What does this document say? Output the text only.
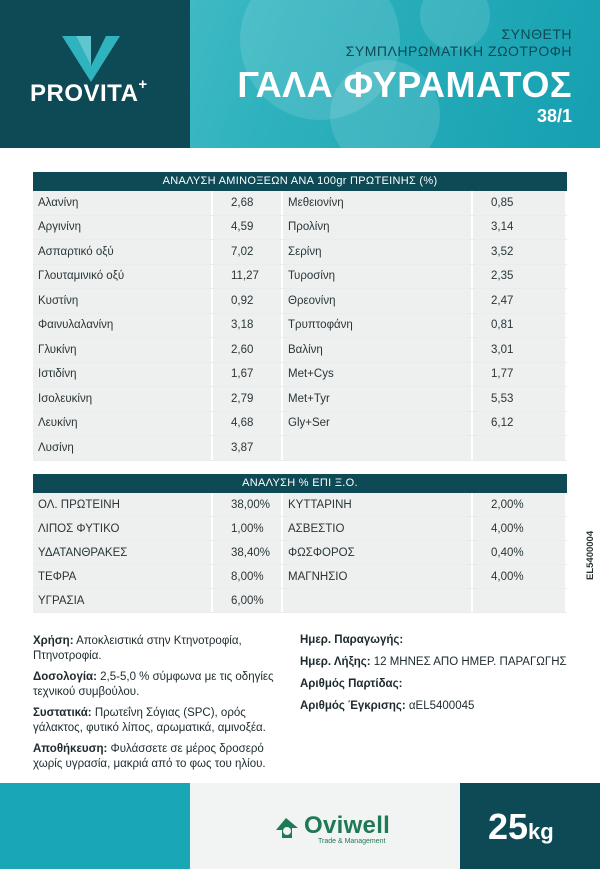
PROVITA+
ΣΥΝΘΕΤΗ
ΣΥΜΠΛΗΡΩΜΑΤΙΚΗ ΖΩΟΤΡΟΦΗ
ΓΑΛΑ ΦΥΡΑΜΑΤΟΣ
38/1
ΑΝΑΛΥΣΗ ΑΜΙΝΟΞΕΩΝ ΑΝΑ 100gr ΠΡΩΤΕΙΝΗΣ (%)
Αλανίνη	2,68	Μεθειονίνη	0,85
Αργινίνη	4,59	Προλίνη	3,14
Ασπαρτικό οξύ	7,02	Σερίνη	3,52
Γλουταμινικό οξύ	11,27	Τυροσίνη	2,35
Κυστίνη	0,92	Θρεονίνη	2,47
Φαινυλαλανίνη	3,18	Τρυπτοφάνη	0,81
Γλυκίνη	2,60	Βαλίνη	3,01
Ιστιδίνη	1,67	Met+Cys	1,77
Ισολευκίνη	2,79	Met+Tyr	5,53
Λευκίνη	4,68	Gly+Ser	6,12
Λυσίνη	3,87
ΑΝΑΛΥΣΗ % ΕΠΙ Ξ.Ο.
ΟΛ. ΠΡΩΤΕΙΝΗ	38,00%	ΚΥΤΤΑΡΙΝΗ	2,00%
ΛΙΠΟΣ ΦΥΤΙΚΟ	1,00%	ΑΣΒΕΣΤΙΟ	4,00%
ΥΔΑΤΑΝΘΡΑΚΕΣ	38,40%	ΦΩΣΦΟΡΟΣ	0,40%
ΤΕΦΡΑ	8,00%	ΜΑΓΝΗΣΙΟ	4,00%
ΥΓΡΑΣΙΑ	6,00%

Χρήση: Αποκλειστικά στην Κτηνοτροφία, Πτηνοτροφία.

Δοσολογία: 2,5-5,0 % σύμφωνα με τις οδηγίες τεχνικού συμβούλου.

Συστατικά: Πρωτεΐνη Σόγιας (SPC), ορός γάλακτος, φυτικό λίπος, αρωματικά, αμινοξέα.

Αποθήκευση: Φυλάσσετε σε μέρος δροσερό χωρίς υγρασία, μακριά από το φως του ηλίου.

Ημερ. Παραγωγής:

Ημερ. Λήξης: 12 ΜΗΝΕΣ ΑΠΟ ΗΜΕΡ. ΠΑΡΑΓΩΓΗΣ

Αριθμός Παρτίδας:

Αριθμός Έγκρισης: αEL5400045

EL5400004
Oviwell
Trade & Management	25kg
